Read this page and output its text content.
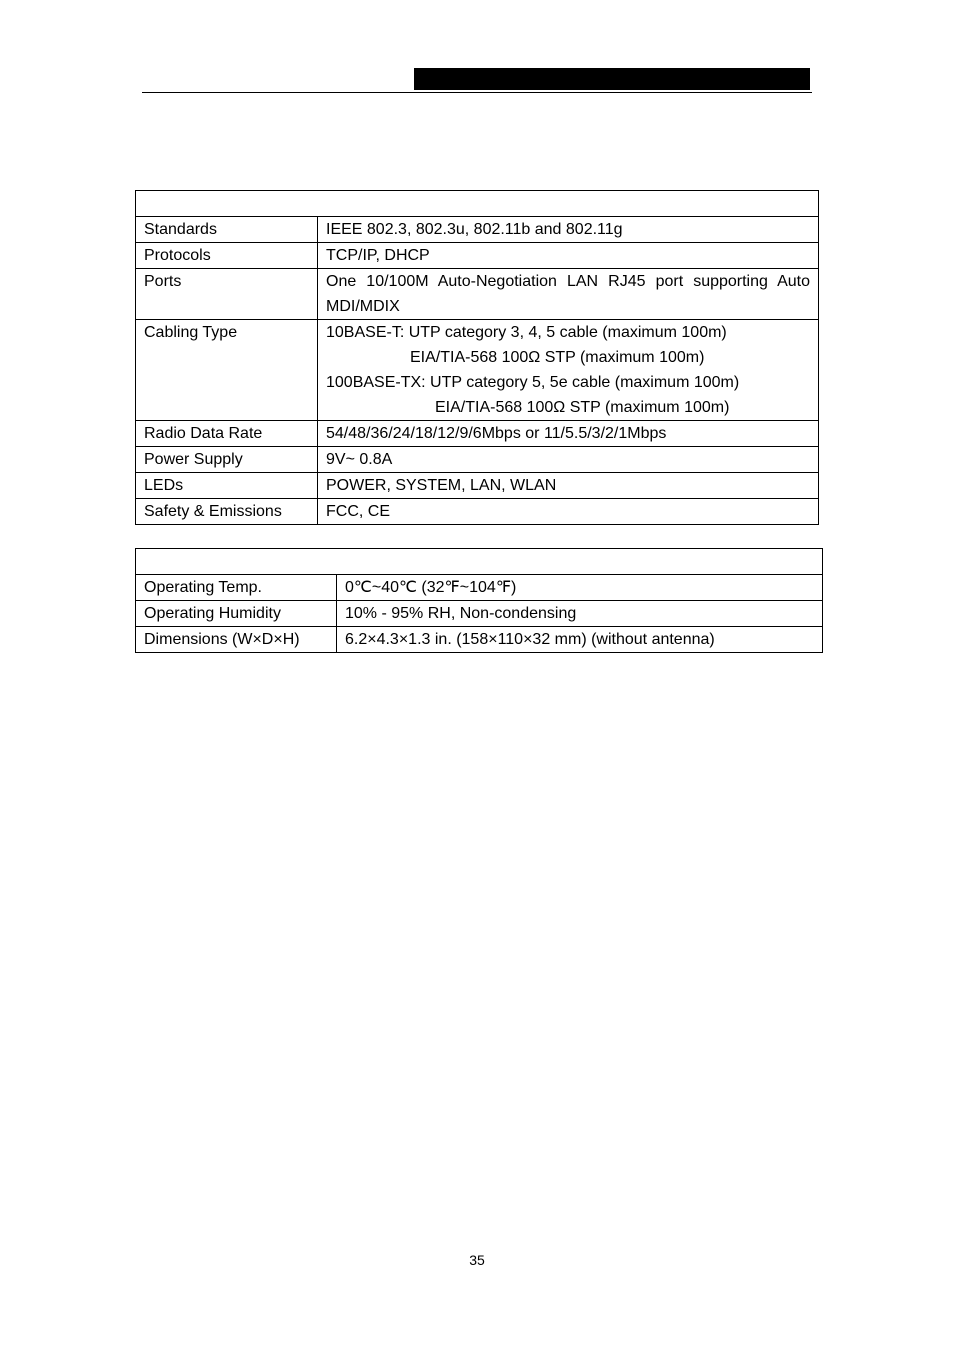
Standards	IEEE 802.3, 802.3u, 802.11b and 802.11g
Protocols	TCP/IP, DHCP
Ports	One 10/100M Auto-Negotiation LAN RJ45 port supporting Auto MDI/MDIX
Cabling Type	10BASE-T: UTP category 3, 4, 5 cable (maximum 100m)
EIA/TIA-568 100Ω STP (maximum 100m)
100BASE-TX: UTP category 5, 5e cable (maximum 100m)
EIA/TIA-568 100Ω STP (maximum 100m)

Radio Data Rate	54/48/36/24/18/12/9/6Mbps or 11/5.5/3/2/1Mbps
Power Supply	9V~ 0.8A
LEDs	POWER, SYSTEM, LAN, WLAN
Safety & Emissions	FCC, CE

Operating Temp.	0℃~40℃ (32℉~104℉)
Operating Humidity	10% - 95% RH, Non-condensing
Dimensions (W×D×H)	6.2×4.3×1.3 in. (158×110×32 mm) (without antenna)
35
